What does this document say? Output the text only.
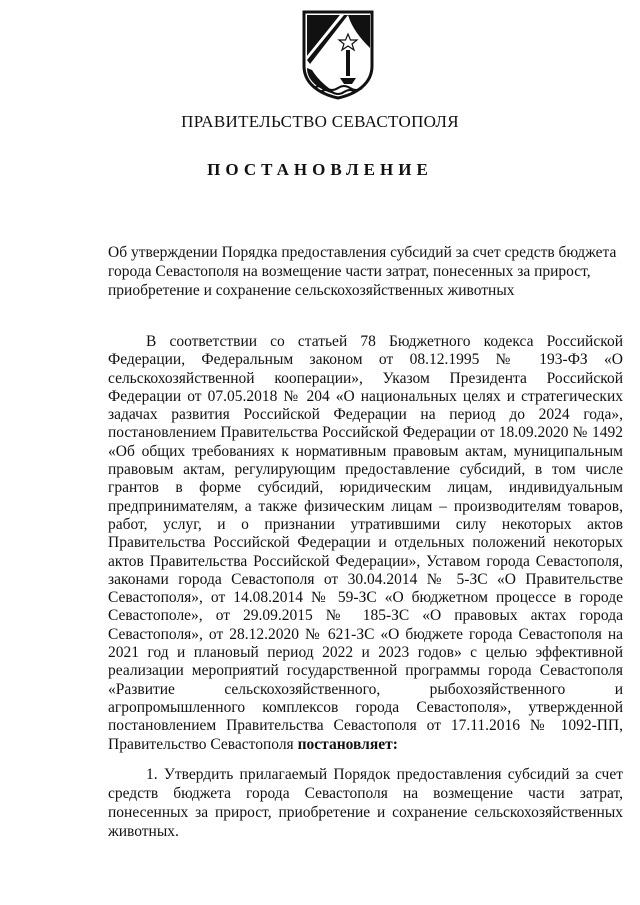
ПРАВИТЕЛЬСТВО СЕВАСТОПОЛЯ
ПОСТАНОВЛЕНИЕ
Об утверждении Порядка предоставления субсидий за счет средств бюджета города Севастополя на возмещение части затрат, понесенных за прирост, приобретение и сохранение сельскохозяйственных животных
В соответствии со статьей 78 Бюджетного кодекса Российской Федерации, Федеральным законом от 08.12.1995 № 193-ФЗ «О сельскохозяйственной кооперации», Указом Президента Российской Федерации от 07.05.2018 № 204 «О национальных целях и стратегических задачах развития Российской Федерации на период до 2024 года», постановлением Правительства Российской Федерации от 18.09.2020 № 1492 «Об общих требованиях к нормативным правовым актам, муниципальным правовым актам, регулирующим предоставление субсидий, в том числе грантов в форме субсидий, юридическим лицам, индивидуальным предпринимателям, а также физическим лицам – производителям товаров, работ, услуг, и о признании утратившими силу некоторых актов Правительства Российской Федерации и отдельных положений некоторых актов Правительства Российской Федерации», Уставом города Севастополя, законами города Севастополя от 30.04.2014 № 5-ЗС «О Правительстве Севастополя», от 14.08.2014 № 59-ЗС «О бюджетном процессе в городе Севастополе», от 29.09.2015 № 185-ЗС «О правовых актах города Севастополя», от 28.12.2020 № 621-ЗС «О бюджете города Севастополя на 2021 год и плановый период 2022 и 2023 годов» с целью эффективной реализации мероприятий государственной программы города Севастополя «Развитие сельскохозяйственного, рыбохозяйственного и агропромышленного комплексов города Севастополя», утвержденной постановлением Правительства Севастополя от 17.11.2016 № 1092-ПП, Правительство Севастополя постановляет:
1. Утвердить прилагаемый Порядок предоставления субсидий за счет средств бюджета города Севастополя на возмещение части затрат, понесенных за прирост, приобретение и сохранение сельскохозяйственных животных.
